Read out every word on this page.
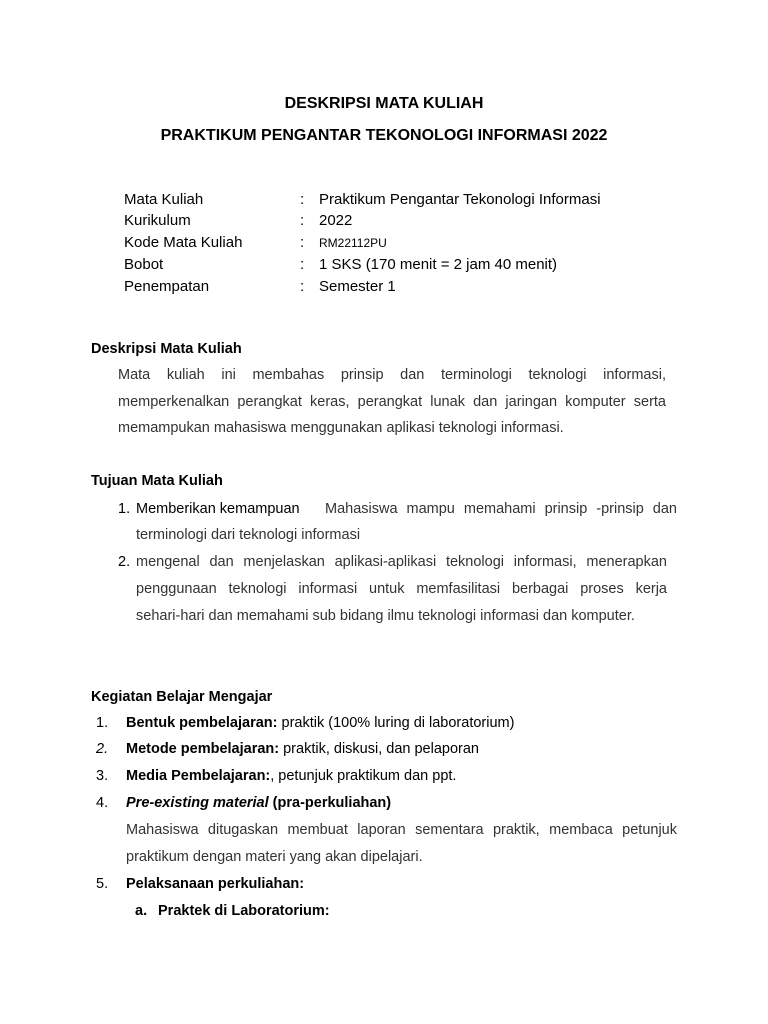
DESKRIPSI MATA KULIAH
PRAKTIKUM PENGANTAR TEKONOLOGI INFORMASI 2022
Mata Kuliah	: Praktikum Pengantar Tekonologi Informasi
Kurikulum	: 2022
Kode Mata Kuliah	: RM22112PU
Bobot	: 1 SKS (170 menit = 2 jam 40 menit)
Penempatan	: Semester 1
Deskripsi Mata Kuliah
Mata kuliah ini membahas prinsip dan terminologi teknologi informasi,
memperkenalkan perangkat keras, perangkat lunak dan jaringan komputer serta
memampukan mahasiswa menggunakan aplikasi teknologi informasi.
Tujuan Mata Kuliah
1. Memberikan kemampuan Mahasiswa mampu memahami prinsip -prinsip dan
terminologi dari teknologi informasi
2. mengenal dan menjelaskan aplikasi-aplikasi teknologi informasi, menerapkan
penggunaan teknologi informasi untuk memfasilitasi berbagai proses kerja
sehari-hari dan memahami sub bidang ilmu teknologi informasi dan komputer.
Kegiatan Belajar Mengajar
1. Bentuk pembelajaran: praktik (100% luring di laboratorium)
2. Metode pembelajaran: praktik, diskusi, dan pelaporan
3. Media Pembelajaran:, petunjuk praktikum dan ppt.
4. Pre-existing material (pra-perkuliahan)
Mahasiswa ditugaskan membuat laporan sementara praktik, membaca petunjuk
praktikum dengan materi yang akan dipelajari.
5. Pelaksanaan perkuliahan:
a. Praktek di Laboratorium:
